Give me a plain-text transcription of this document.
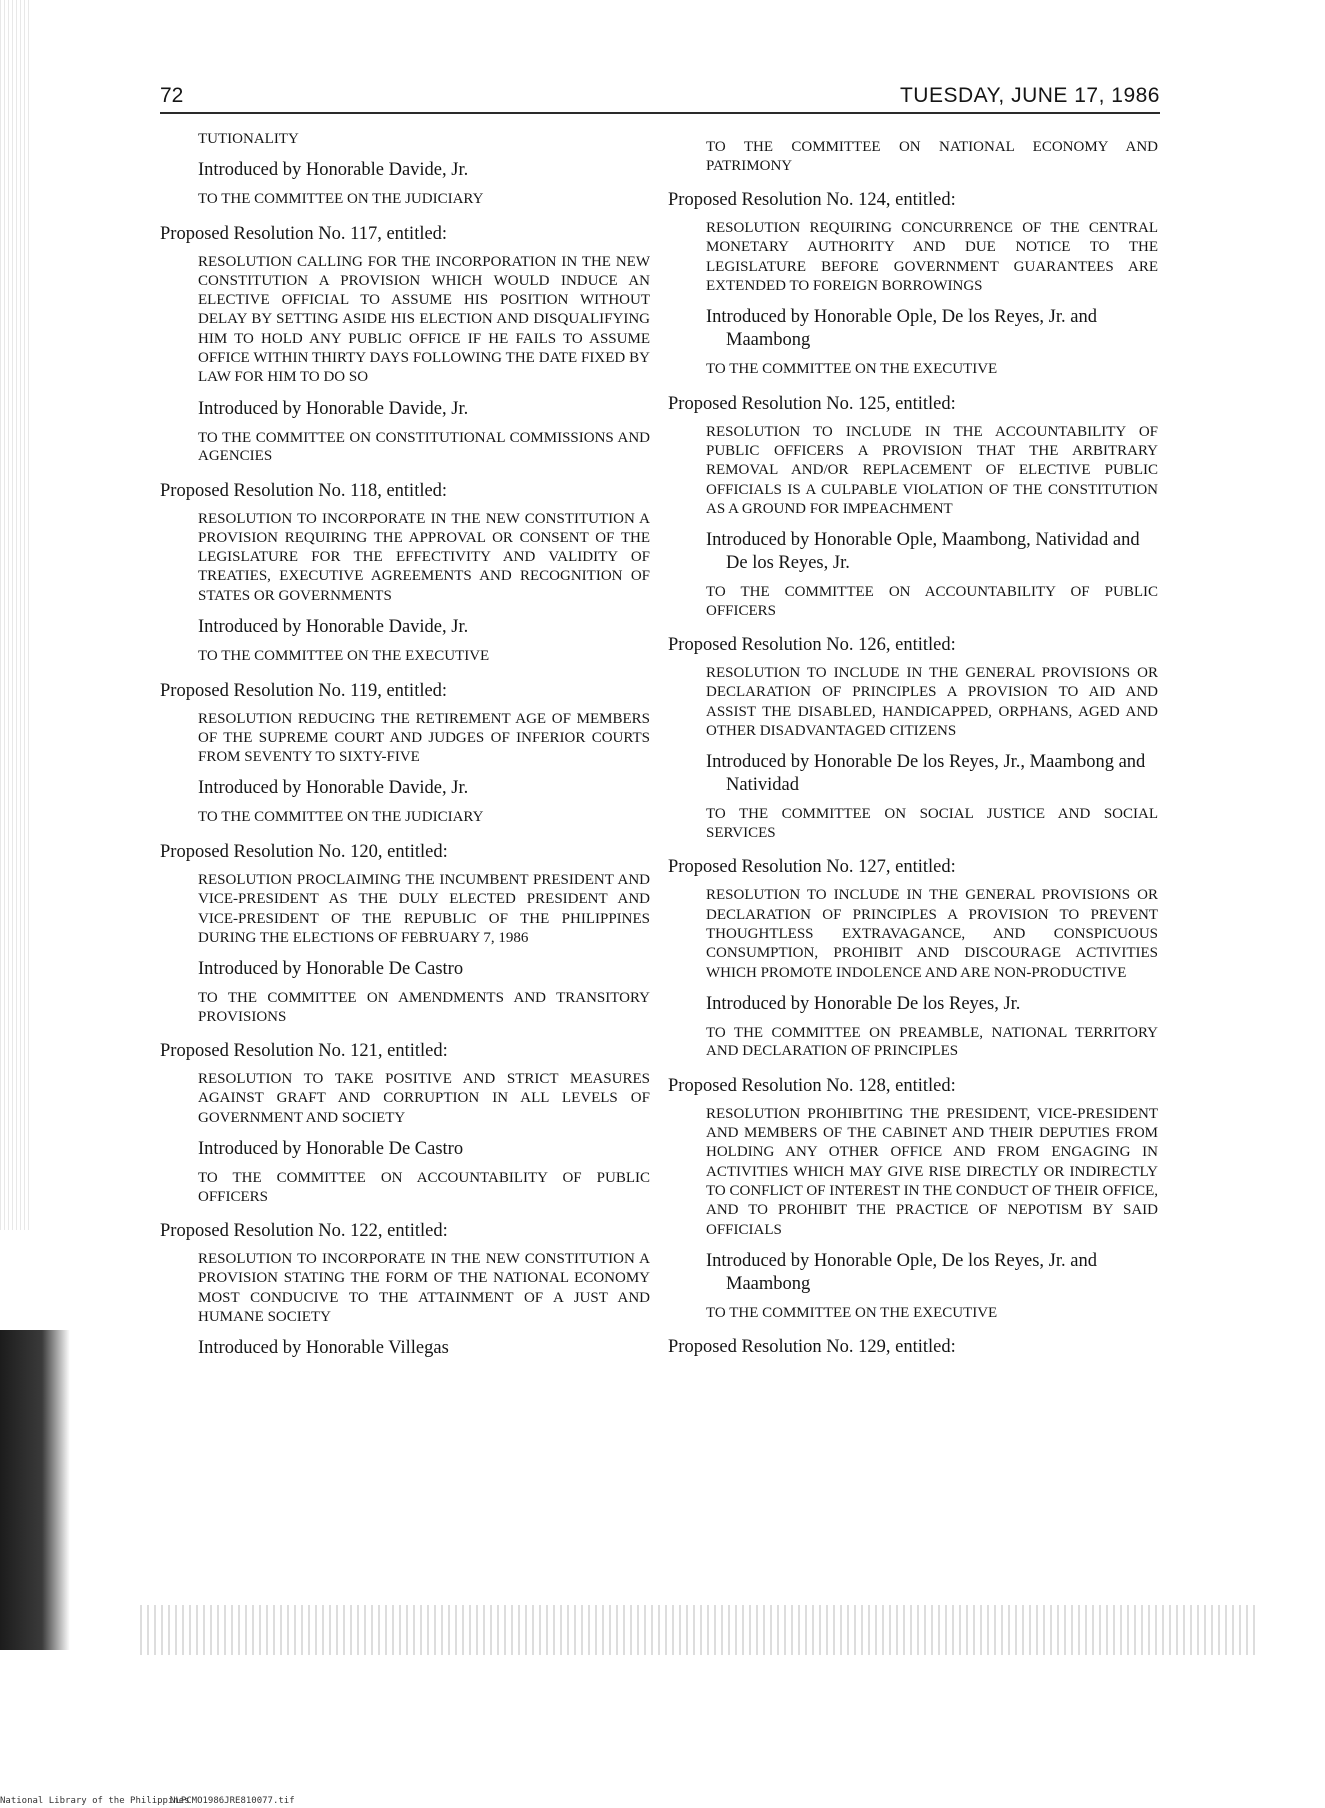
72	TUESDAY, JUNE 17, 1986

TUTIONALITY

Introduced by Honorable Davide, Jr.

TO THE COMMITTEE ON THE JUDICIARY

Proposed Resolution No. 117, entitled:

RESOLUTION CALLING FOR THE INCORPORATION IN THE NEW CONSTITUTION A PROVISION WHICH WOULD INDUCE AN ELECTIVE OFFICIAL TO ASSUME HIS POSITION WITHOUT DELAY BY SETTING ASIDE HIS ELECTION AND DISQUALIFYING HIM TO HOLD ANY PUBLIC OFFICE IF HE FAILS TO ASSUME OFFICE WITHIN THIRTY DAYS FOLLOWING THE DATE FIXED BY LAW FOR HIM TO DO SO

Introduced by Honorable Davide, Jr.

TO THE COMMITTEE ON CONSTITUTIONAL COMMISSIONS AND AGENCIES

Proposed Resolution No. 118, entitled:

RESOLUTION TO INCORPORATE IN THE NEW CONSTITUTION A PROVISION REQUIRING THE APPROVAL OR CONSENT OF THE LEGISLATURE FOR THE EFFECTIVITY AND VALIDITY OF TREATIES, EXECUTIVE AGREEMENTS AND RECOGNITION OF STATES OR GOVERNMENTS

Introduced by Honorable Davide, Jr.

TO THE COMMITTEE ON THE EXECUTIVE

Proposed Resolution No. 119, entitled:

RESOLUTION REDUCING THE RETIREMENT AGE OF MEMBERS OF THE SUPREME COURT AND JUDGES OF INFERIOR COURTS FROM SEVENTY TO SIXTY-FIVE

Introduced by Honorable Davide, Jr.

TO THE COMMITTEE ON THE JUDICIARY

Proposed Resolution No. 120, entitled:

RESOLUTION PROCLAIMING THE INCUMBENT PRESIDENT AND VICE-PRESIDENT AS THE DULY ELECTED PRESIDENT AND VICE-PRESIDENT OF THE REPUBLIC OF THE PHILIPPINES DURING THE ELECTIONS OF FEBRUARY 7, 1986

Introduced by Honorable De Castro

TO THE COMMITTEE ON AMENDMENTS AND TRANSITORY PROVISIONS

Proposed Resolution No. 121, entitled:

RESOLUTION TO TAKE POSITIVE AND STRICT MEASURES AGAINST GRAFT AND CORRUPTION IN ALL LEVELS OF GOVERNMENT AND SOCIETY

Introduced by Honorable De Castro

TO THE COMMITTEE ON ACCOUNTABILITY OF PUBLIC OFFICERS

Proposed Resolution No. 122, entitled:

RESOLUTION TO INCORPORATE IN THE NEW CONSTITUTION A PROVISION STATING THE FORM OF THE NATIONAL ECONOMY MOST CONDUCIVE TO THE ATTAINMENT OF A JUST AND HUMANE SOCIETY

Introduced by Honorable Villegas

TO THE COMMITTEE ON NATIONAL ECONOMY AND PATRIMONY

Proposed Resolution No. 124, entitled:

RESOLUTION REQUIRING CONCURRENCE OF THE CENTRAL MONETARY AUTHORITY AND DUE NOTICE TO THE LEGISLATURE BEFORE GOVERNMENT GUARANTEES ARE EXTENDED TO FOREIGN BORROWINGS

Introduced by Honorable Ople, De los Reyes, Jr. and Maambong

TO THE COMMITTEE ON THE EXECUTIVE

Proposed Resolution No. 125, entitled:

RESOLUTION TO INCLUDE IN THE ACCOUNTABILITY OF PUBLIC OFFICERS A PROVISION THAT THE ARBITRARY REMOVAL AND/OR REPLACEMENT OF ELECTIVE PUBLIC OFFICIALS IS A CULPABLE VIOLATION OF THE CONSTITUTION AS A GROUND FOR IMPEACHMENT

Introduced by Honorable Ople, Maambong, Natividad and De los Reyes, Jr.

TO THE COMMITTEE ON ACCOUNTABILITY OF PUBLIC OFFICERS

Proposed Resolution No. 126, entitled:

RESOLUTION TO INCLUDE IN THE GENERAL PROVISIONS OR DECLARATION OF PRINCIPLES A PROVISION TO AID AND ASSIST THE DISABLED, HANDICAPPED, ORPHANS, AGED AND OTHER DISADVANTAGED CITIZENS

Introduced by Honorable De los Reyes, Jr., Maambong and Natividad

TO THE COMMITTEE ON SOCIAL JUSTICE AND SOCIAL SERVICES

Proposed Resolution No. 127, entitled:

RESOLUTION TO INCLUDE IN THE GENERAL PROVISIONS OR DECLARATION OF PRINCIPLES A PROVISION TO PREVENT THOUGHTLESS EXTRAVAGANCE, AND CONSPICUOUS CONSUMPTION, PROHIBIT AND DISCOURAGE ACTIVITIES WHICH PROMOTE INDOLENCE AND ARE NON-PRODUCTIVE

Introduced by Honorable De los Reyes, Jr.

TO THE COMMITTEE ON PREAMBLE, NATIONAL TERRITORY AND DECLARATION OF PRINCIPLES

Proposed Resolution No. 128, entitled:

RESOLUTION PROHIBITING THE PRESIDENT, VICE-PRESIDENT AND MEMBERS OF THE CABINET AND THEIR DEPUTIES FROM HOLDING ANY OTHER OFFICE AND FROM ENGAGING IN ACTIVITIES WHICH MAY GIVE RISE DIRECTLY OR INDIRECTLY TO CONFLICT OF INTEREST IN THE CONDUCT OF THEIR OFFICE, AND TO PROHIBIT THE PRACTICE OF NEPOTISM BY SAID OFFICIALS

Introduced by Honorable Ople, De los Reyes, Jr. and Maambong

TO THE COMMITTEE ON THE EXECUTIVE

Proposed Resolution No. 129, entitled:

National Library of the Philippines
NLPCMO1986JRE810077.tif
